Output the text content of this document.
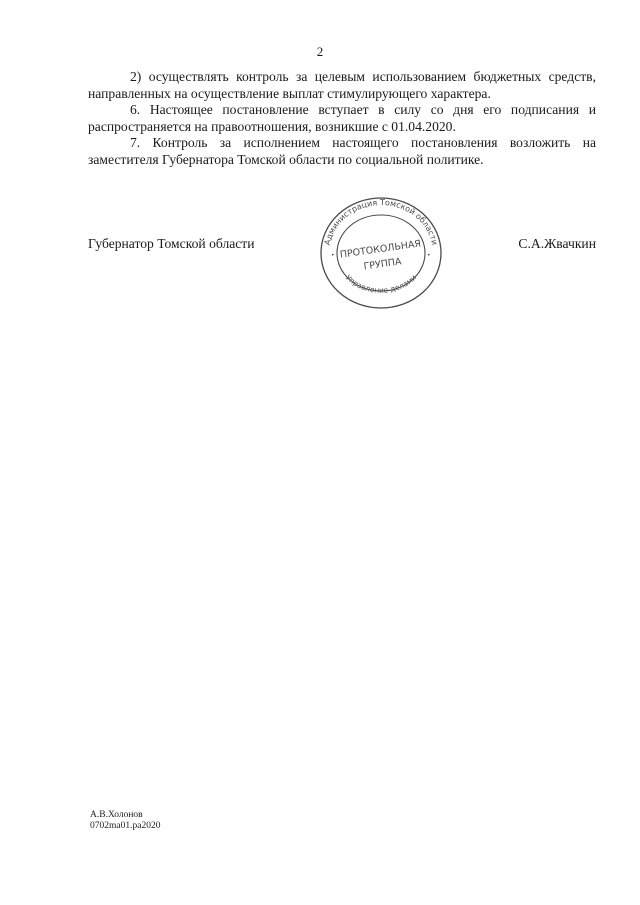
2

2) осуществлять контроль за целевым использованием бюджетных средств, направленных на осуществление выплат стимулирующего характера.

6. Настоящее постановление вступает в силу со дня его подписания и распространяется на правоотношения, возникшие с 01.04.2020.

7. Контроль за исполнением настоящего постановления возложить на заместителя Губернатора Томской области по социальной политике.

Губернатор Томской области	С.А.Жвачкин
Администрация Томской области
Управление делами
ПРОТОКОЛЬНАЯ
ГРУППА
•	•
А.В.Холонов
0702ma01.pa2020
